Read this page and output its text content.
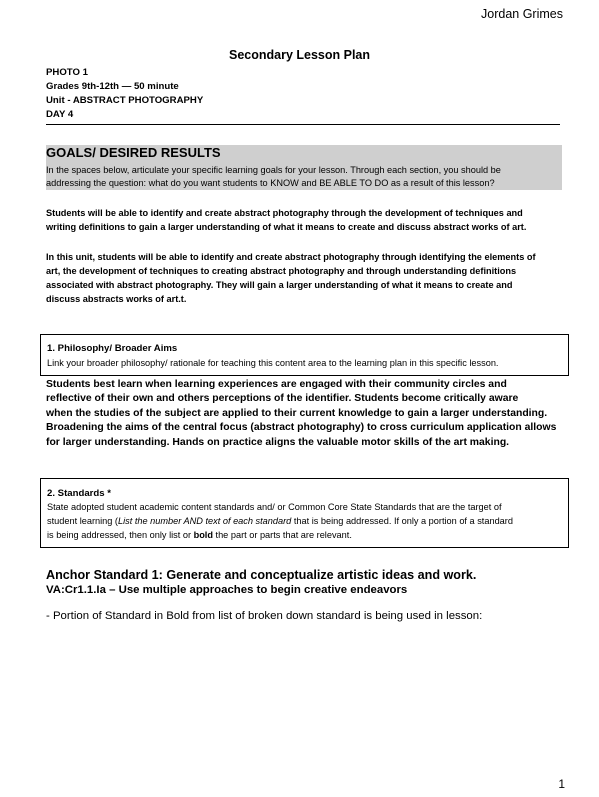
Jordan Grimes
Secondary Lesson Plan
PHOTO 1
Grades 9th-12th — 50 minute
Unit - ABSTRACT PHOTOGRAPHY
DAY 4
GOALS/ DESIRED RESULTS
In the spaces below, articulate your specific learning goals for your lesson. Through each section, you should be
addressing the question: what do you want students to KNOW and BE ABLE TO DO as a result of this lesson?
Students will be able to identify and create abstract photography through the development of techniques and
writing definitions to gain a larger understanding of what it means to create and discuss abstract works of art.
In this unit, students will be able to identify and create abstract photography through identifying the elements of
art, the development of techniques to creating abstract photography and through understanding definitions
associated with abstract photography. They will gain a larger understanding of what it means to create and
discuss abstracts works of art.t.
1. Philosophy/ Broader Aims
Link your broader philosophy/ rationale for teaching this content area to the learning plan in this specific lesson.
Students best learn when learning experiences are engaged with their community circles and
reflective of their own and others perceptions of the identifier. Students become critically aware
when the studies of the subject are applied to their current knowledge to gain a larger understanding.
Broadening the aims of the central focus (abstract photography) to cross curriculum application allows
for larger understanding. Hands on practice aligns the valuable motor skills of the art making.
2. Standards *
State adopted student academic content standards and/ or Common Core State Standards that are the target of
student learning (List the number AND text of each standard that is being addressed. If only a portion of a standard
is being addressed, then only list or bold the part or parts that are relevant.
Anchor Standard 1: Generate and conceptualize artistic ideas and work.
VA:Cr1.1.Ia – Use multiple approaches to begin creative endeavors
- Portion of Standard in Bold from list of broken down standard is being used in lesson:
1
